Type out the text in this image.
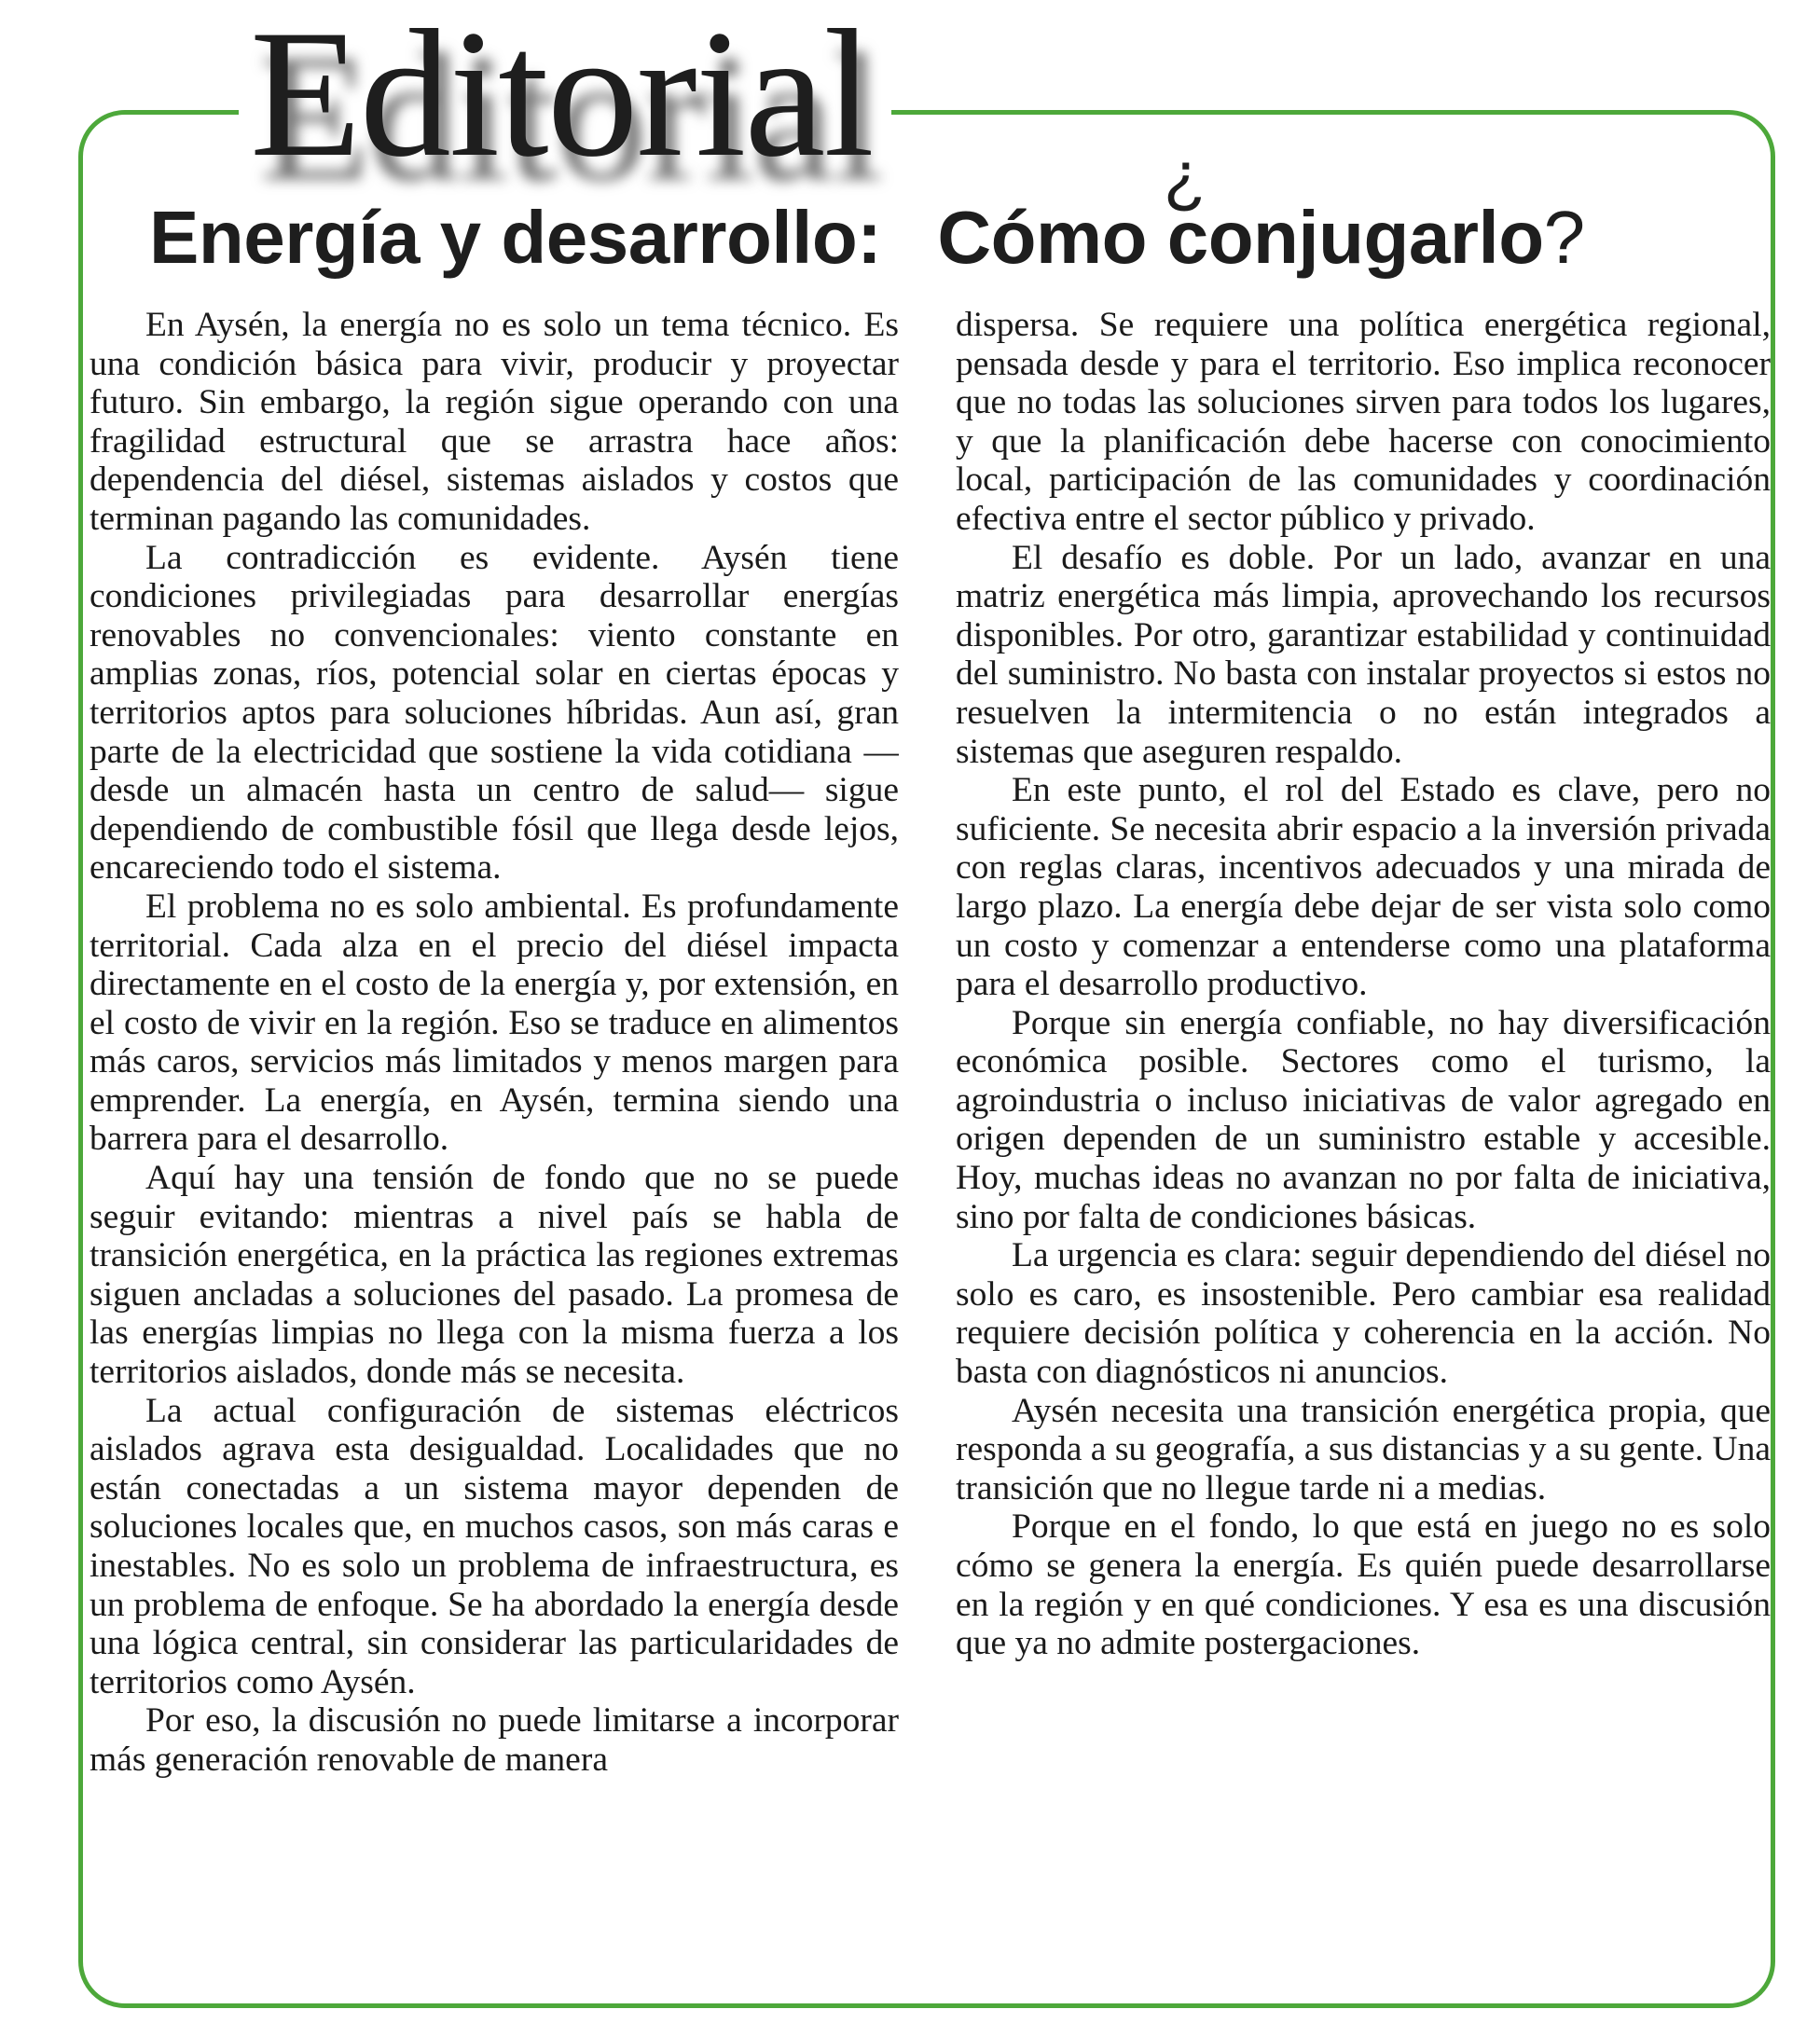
Editorial
Energía y desarrollo:
¿
Cómo conjugarlo?

En Aysén, la energía no es solo un tema técnico. Es una condición básica para vivir, producir y proyectar futuro. Sin embargo, la región sigue operando con una fragilidad estructural que se arrastra hace años: dependencia del diésel, sistemas aislados y costos que terminan pagando las comunidades.

La contradicción es evidente. Aysén tiene condiciones privilegiadas para desarrollar energías renovables no convencionales: viento constante en amplias zonas, ríos, potencial solar en ciertas épocas y territorios aptos para soluciones híbridas. Aun así, gran parte de la electricidad que sostiene la vida cotidiana —desde un almacén hasta un centro de salud— sigue dependiendo de combustible fósil que llega desde lejos, encareciendo todo el sistema.

El problema no es solo ambiental. Es profundamente territorial. Cada alza en el precio del diésel impacta directamente en el costo de la energía y, por extensión, en el costo de vivir en la región. Eso se traduce en alimentos más caros, servicios más limitados y menos margen para emprender. La energía, en Aysén, termina siendo una barrera para el desarrollo.

Aquí hay una tensión de fondo que no se puede seguir evitando: mientras a nivel país se habla de transición energética, en la práctica las regiones extremas siguen ancladas a soluciones del pasado. La promesa de las energías limpias no llega con la misma fuerza a los territorios aislados, donde más se necesita.

La actual configuración de sistemas eléctricos aislados agrava esta desigualdad. Localidades que no están conectadas a un sistema mayor dependen de soluciones locales que, en muchos casos, son más caras e inestables. No es solo un problema de infraestructura, es un problema de enfoque. Se ha abordado la energía desde una lógica central, sin considerar las particularidades de territorios como Aysén.

Por eso, la discusión no puede limitarse a incorporar más generación renovable de manera

dispersa. Se requiere una política energética regional, pensada desde y para el territorio. Eso implica reconocer que no todas las soluciones sirven para todos los lugares, y que la planificación debe hacerse con conocimiento local, participación de las comunidades y coordinación efectiva entre el sector público y privado.

El desafío es doble. Por un lado, avanzar en una matriz energética más limpia, aprovechando los recursos disponibles. Por otro, garantizar estabilidad y continuidad del suministro. No basta con instalar proyectos si estos no resuelven la intermitencia o no están integrados a sistemas que aseguren respaldo.

En este punto, el rol del Estado es clave, pero no suficiente. Se necesita abrir espacio a la inversión privada con reglas claras, incentivos adecuados y una mirada de largo plazo. La energía debe dejar de ser vista solo como un costo y comenzar a entenderse como una plataforma para el desarrollo productivo.

Porque sin energía confiable, no hay diversificación económica posible. Sectores como el turismo, la agroindustria o incluso iniciativas de valor agregado en origen dependen de un suministro estable y accesible. Hoy, muchas ideas no avanzan no por falta de iniciativa, sino por falta de condiciones básicas.

La urgencia es clara: seguir dependiendo del diésel no solo es caro, es insostenible. Pero cambiar esa realidad requiere decisión política y coherencia en la acción. No basta con diagnósticos ni anuncios.

Aysén necesita una transición energética propia, que responda a su geografía, a sus distancias y a su gente. Una transición que no llegue tarde ni a medias.

Porque en el fondo, lo que está en juego no es solo cómo se genera la energía. Es quién puede desarrollarse en la región y en qué condiciones. Y esa es una discusión que ya no admite postergaciones.
